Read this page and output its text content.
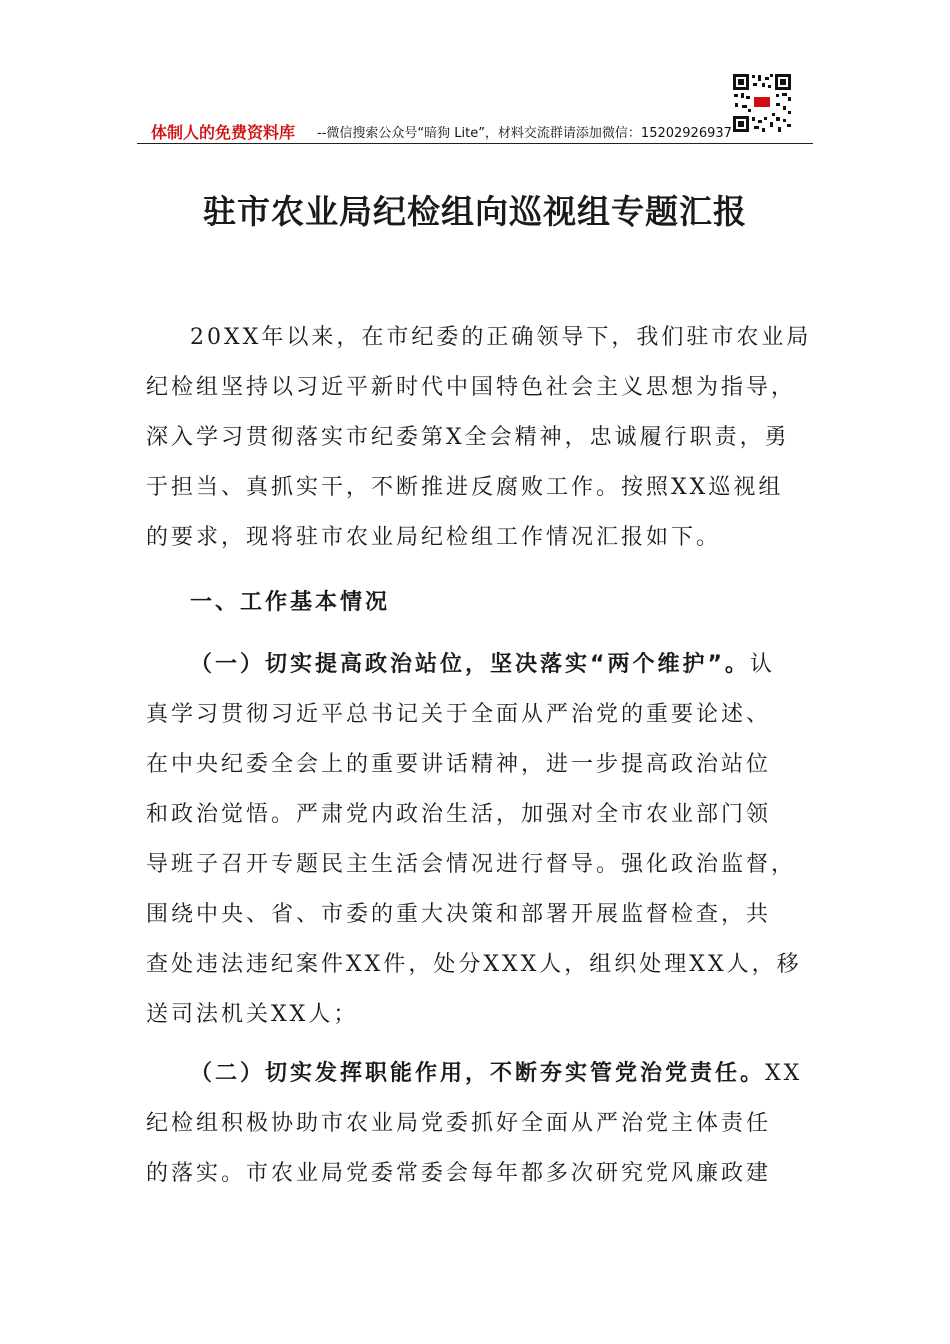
体制人的免费资料库 --微信搜索公众号“暗狗 Lite”，材料交流群请添加微信：15202926937
驻市农业局纪检组向巡视组专题汇报
20XX年以来，在市纪委的正确领导下，我们驻市农业局
纪检组坚持以习近平新时代中国特色社会主义思想为指导，
深入学习贯彻落实市纪委第X全会精神，忠诚履行职责，勇
于担当、真抓实干，不断推进反腐败工作。按照XX巡视组
的要求，现将驻市农业局纪检组工作情况汇报如下。
一、工作基本情况
（一）切实提高政治站位，坚决落实“两个维护”。认
真学习贯彻习近平总书记关于全面从严治党的重要论述、
在中央纪委全会上的重要讲话精神，进一步提高政治站位
和政治觉悟。严肃党内政治生活，加强对全市农业部门领
导班子召开专题民主生活会情况进行督导。强化政治监督，
围绕中央、省、市委的重大决策和部署开展监督检查，共
查处违法违纪案件XX件，处分XXX人，组织处理XX人，移
送司法机关XX人；
（二）切实发挥职能作用，不断夯实管党治党责任。XX
纪检组积极协助市农业局党委抓好全面从严治党主体责任
的落实。市农业局党委常委会每年都多次研究党风廉政建
